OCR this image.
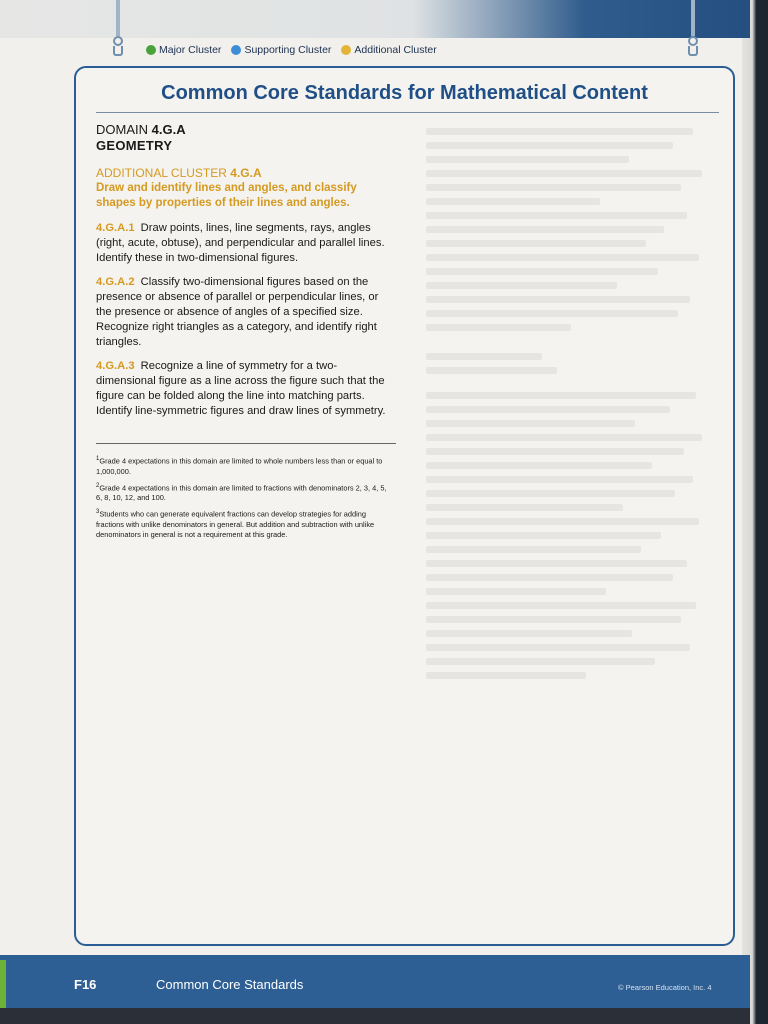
Major Cluster Supporting Cluster Additional Cluster
Common Core Standards for Mathematical Content
DOMAIN 4.G.A
GEOMETRY
ADDITIONAL CLUSTER 4.G.A
Draw and identify lines and angles, and classify shapes by properties of their lines and angles.
4.G.A.1 Draw points, lines, line segments, rays, angles (right, acute, obtuse), and perpendicular and parallel lines. Identify these in two-dimensional figures.
4.G.A.2 Classify two-dimensional figures based on the presence or absence of parallel or perpendicular lines, or the presence or absence of angles of a specified size. Recognize right triangles as a category, and identify right triangles.
4.G.A.3 Recognize a line of symmetry for a two-dimensional figure as a line across the figure such that the figure can be folded along the line into matching parts. Identify line-symmetric figures and draw lines of symmetry.
$^1$Grade 4 expectations in this domain are limited to whole numbers less than or equal to 1,000,000.
$^2$Grade 4 expectations in this domain are limited to fractions with denominators 2, 3, 4, 5, 6, 8, 10, 12, and 100.
$^3$Students who can generate equivalent fractions can develop strategies for adding fractions with unlike denominators in general. But addition and subtraction with unlike denominators in general is not a requirement at this grade.
F16	Common Core Standards	© Pearson Education, Inc. 4
